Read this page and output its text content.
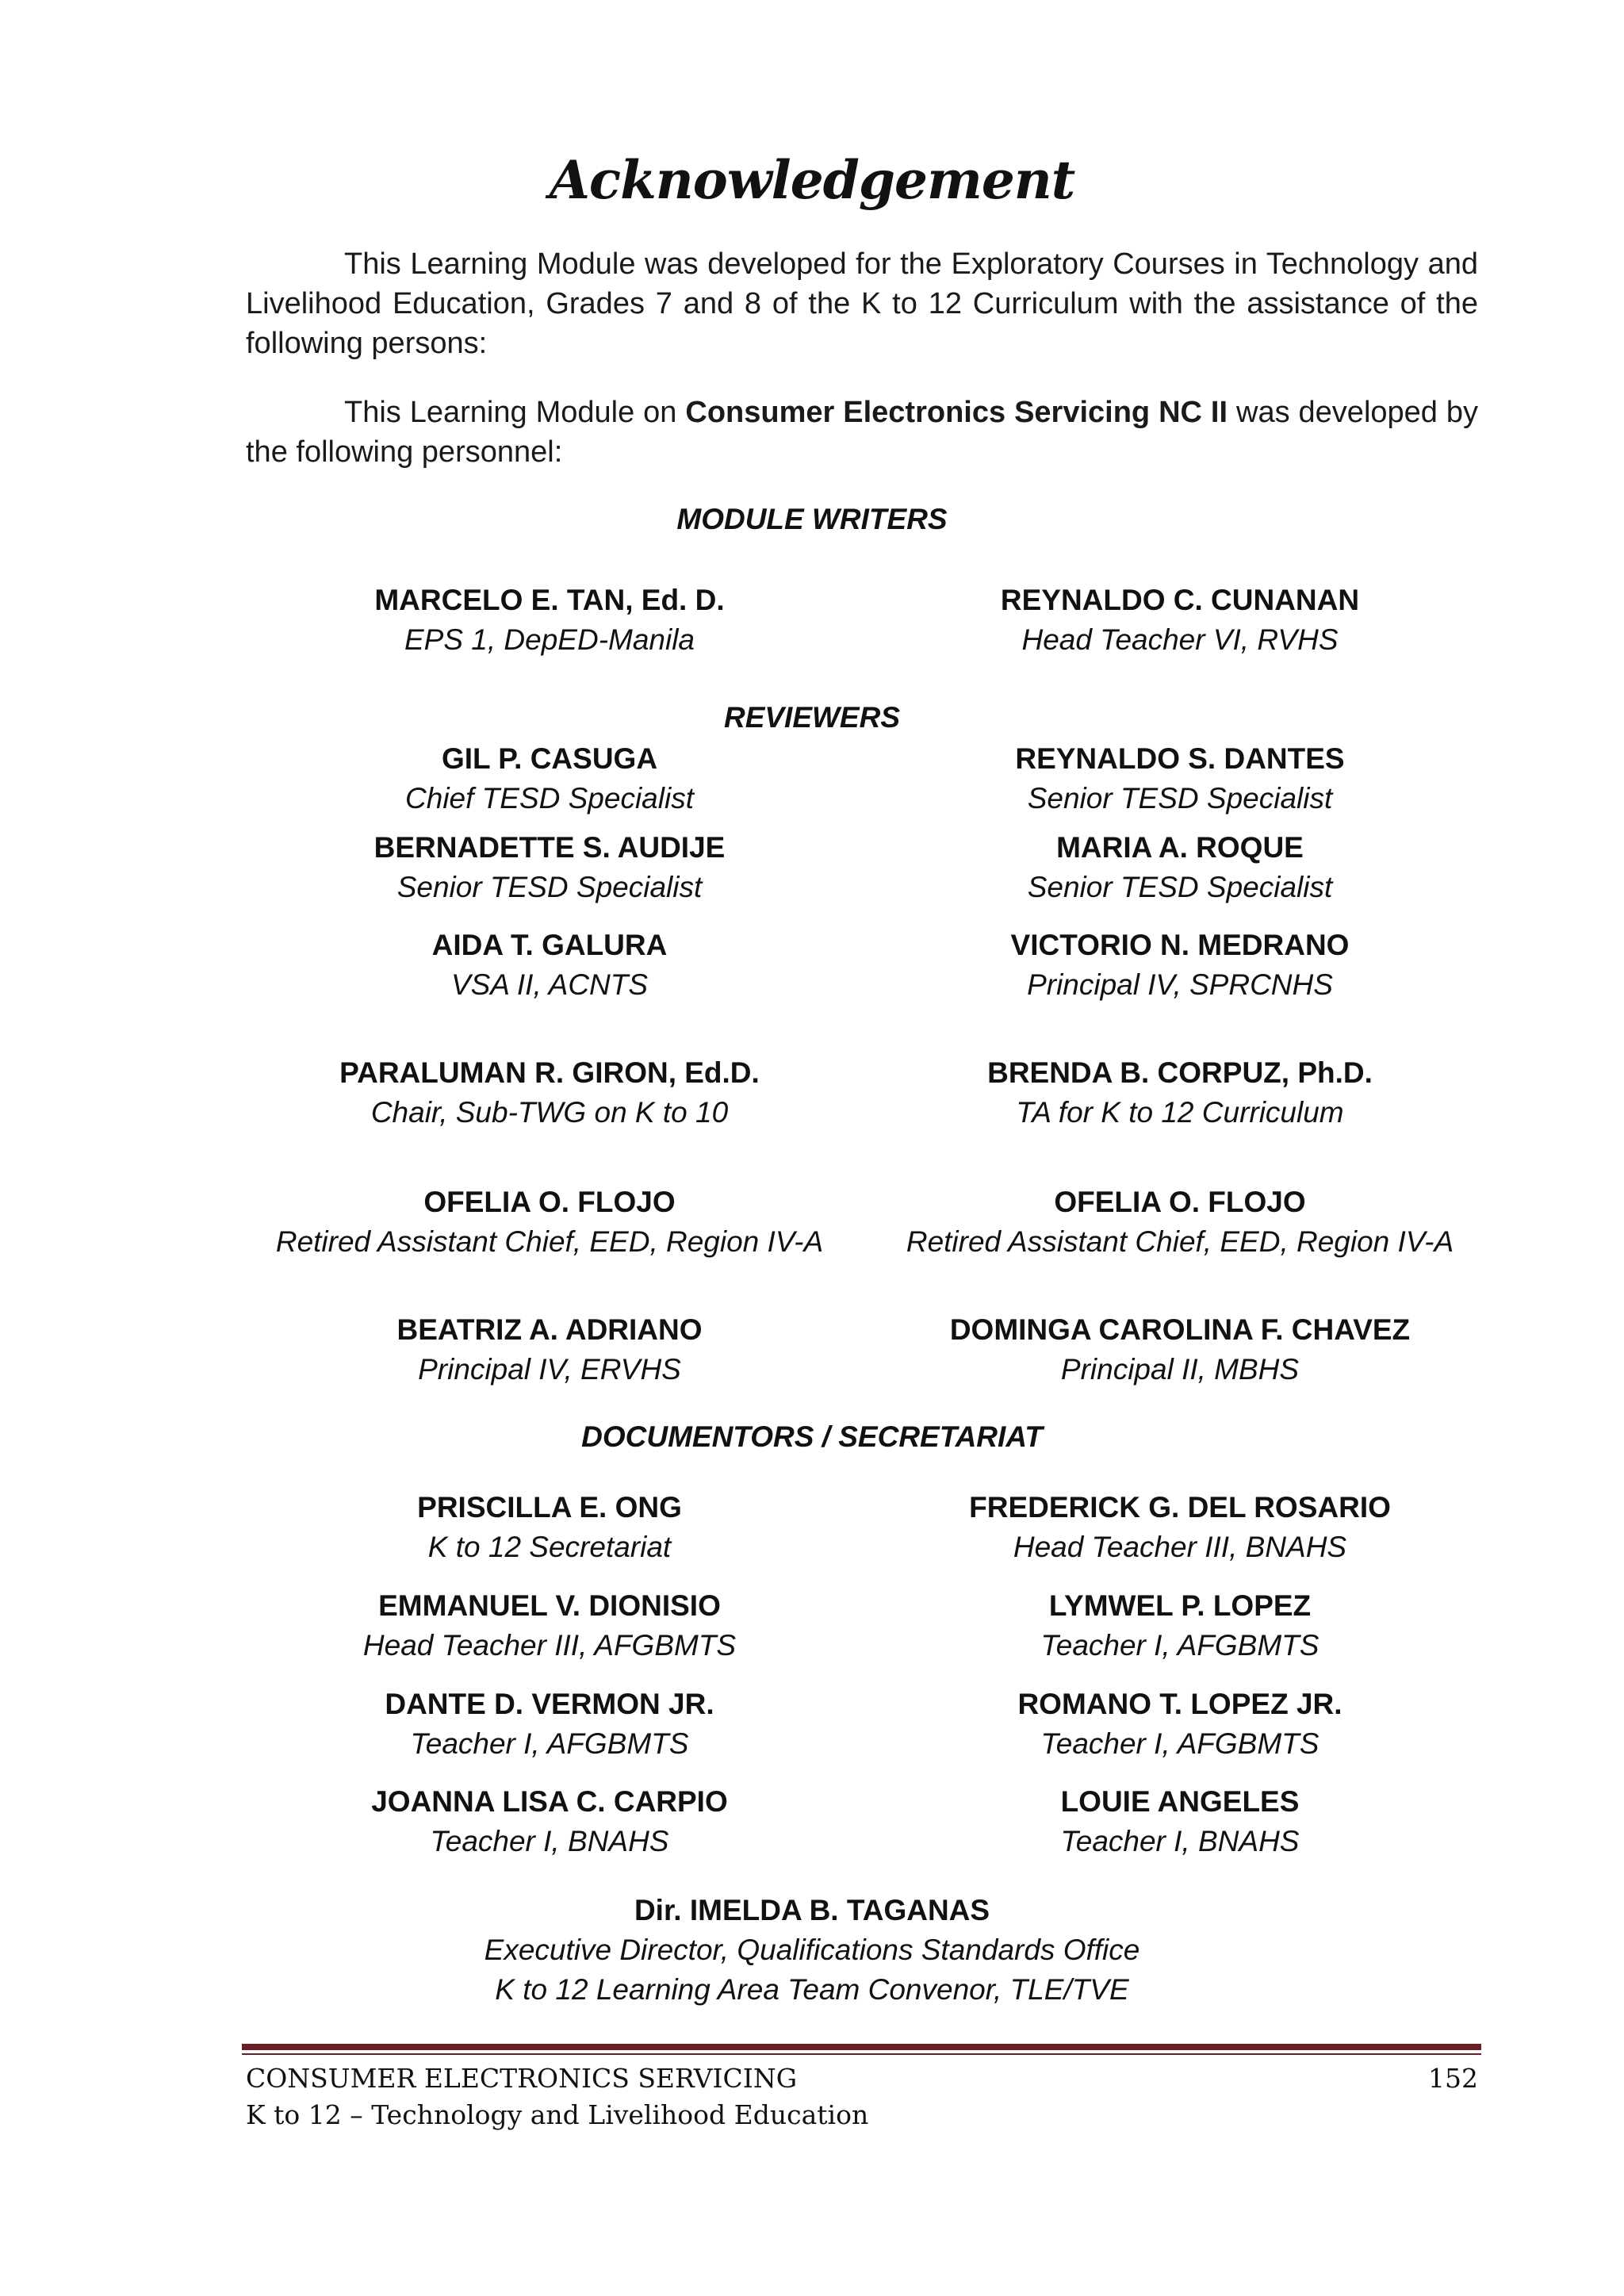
Acknowledgement
This Learning Module was developed for the Exploratory Courses in Technology and Livelihood Education, Grades 7 and 8 of the K to 12 Curriculum with the assistance of the following persons:
This Learning Module on Consumer Electronics Servicing NC II was developed by the following personnel:
MODULE WRITERS
MARCELO E. TAN, Ed. D.
EPS 1, DepED-Manila
REYNALDO C. CUNANAN
Head Teacher VI, RVHS
REVIEWERS
GIL P. CASUGA
Chief TESD Specialist
REYNALDO S. DANTES
Senior TESD Specialist
BERNADETTE S. AUDIJE
Senior TESD Specialist
MARIA A. ROQUE
Senior TESD Specialist
AIDA T. GALURA
VSA II, ACNTS
VICTORIO N. MEDRANO
Principal IV, SPRCNHS
PARALUMAN R. GIRON, Ed.D.
Chair, Sub-TWG on K to 10
BRENDA B. CORPUZ, Ph.D.
TA for K to 12 Curriculum
OFELIA O. FLOJO
Retired Assistant Chief, EED, Region IV-A
OFELIA O. FLOJO
Retired Assistant Chief, EED, Region IV-A
BEATRIZ A. ADRIANO
Principal IV, ERVHS
DOMINGA CAROLINA F. CHAVEZ
Principal II, MBHS
DOCUMENTORS / SECRETARIAT
PRISCILLA E. ONG
K to 12 Secretariat
FREDERICK G. DEL ROSARIO
Head Teacher III, BNAHS
EMMANUEL V. DIONISIO
Head Teacher III, AFGBMTS
LYMWEL P. LOPEZ
Teacher I, AFGBMTS
DANTE D. VERMON JR.
Teacher I, AFGBMTS
ROMANO T. LOPEZ JR.
Teacher I, AFGBMTS
JOANNA LISA C. CARPIO
Teacher I, BNAHS
LOUIE ANGELES
Teacher I, BNAHS
Dir. IMELDA B. TAGANAS
Executive Director, Qualifications Standards Office
K to 12 Learning Area Team Convenor, TLE/TVE
CONSUMER ELECTRONICS SERVICING
K to 12 – Technology and Livelihood Education
152
